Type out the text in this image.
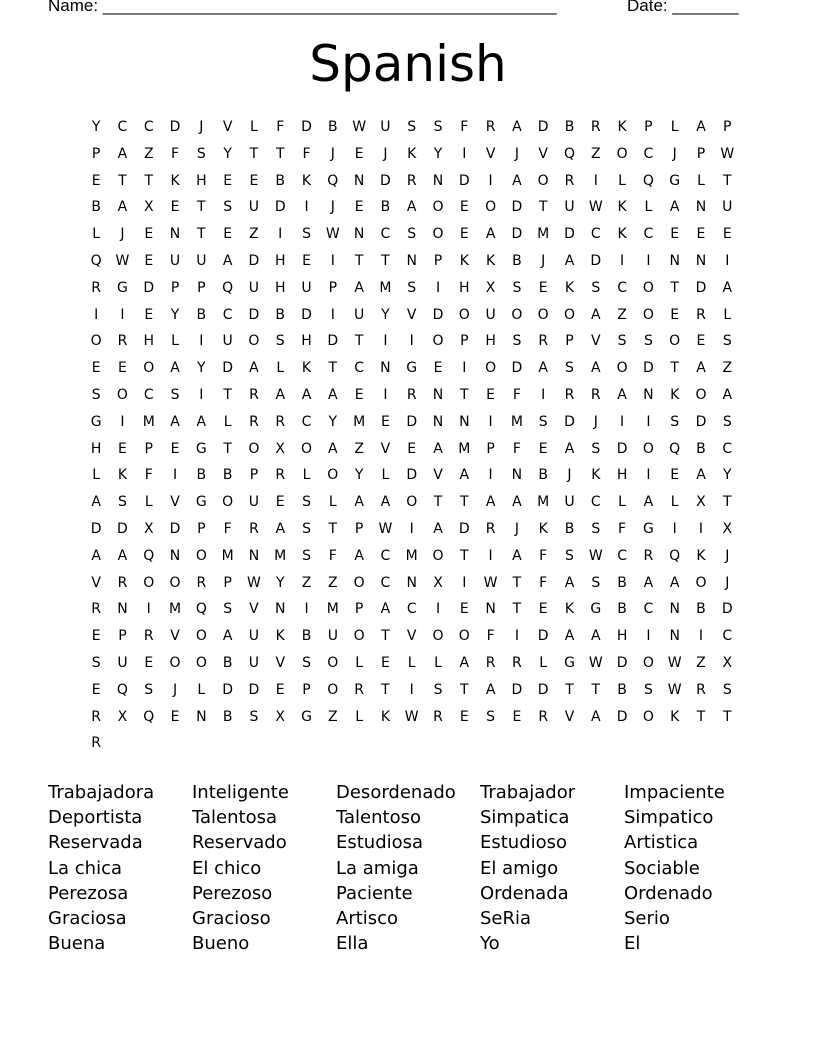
Name: ________________________________________________	Date: _______
Spanish
Y	C	C	D	J	V	L	F	D	B	W	U	S	S	F	R	A	D	B	R	K	P	L	A	P
P	A	Z	F	S	Y	T	T	F	J	E	J	K	Y	I	V	J	V	Q	Z	O	C	J	P	W
E	T	T	K	H	E	E	B	K	Q	N	D	R	N	D	I	A	O	R	I	L	Q	G	L	T
B	A	X	E	T	S	U	D	I	J	E	B	A	O	E	O	D	T	U	W	K	L	A	N	U
L	J	E	N	T	E	Z	I	S	W	N	C	S	O	E	A	D	M	D	C	K	C	E	E	E
Q W	E	U	U	A	D	H	E	I	T	T	N	P	K	K	B	J	A	D	I	I	N	N	I
R	G	D	P	P	Q	U	H	U	P	A	M	S	I	H	X	S	E	K	S	C	O	T	D	A
I	I	E	Y	B	C	D	B	D	I	U	Y	V	D	O	U	O	O	O	A	Z	O	E	R	L
O	R	H	L	I	U	O	S	H	D	T	I	I	O	P	H	S	R	P	V	S	S	O	E	S
E	E	O	A	Y	D	A	L	K	T	C	N	G	E	I	O	D	A	S	A	O	D	T	A	Z
S	O	C	S	I	T	R	A	A	A	E	I	R	N	T	E	F	I	R	R	A	N	K	O	A
G	I	M	A	A	L	R	R	C	Y	M	E	D	N	N	I	M	S	D	J	I	I	S	D	S
H	E	P	E	G	T	O	X	O	A	Z	V	E	A	M	P	F	E	A	S	D	O	Q	B	C
L	K	F	I	B	B	P	R	L	O	Y	L	D	V	A	I	N	B	J	K	H	I	E	A	Y
A	S	L	V	G	O	U	E	S	L	A	A	O	T	T	A	A	M	U	C	L	A	L	X	T
D	D	X	D	P	F	R	A	S	T	P	W	I	A	D	R	J	K	B	S	F	G	I	I	X
A	A	Q	N	O	M	N	M	S	F	A	C	M	O	T	I	A	F	S	W	C	R	Q	K	J
V	R	O	O	R	P	W	Y	Z	Z	O	C	N	X	I	W	T	F	A	S	B	A	A	O	J
R	N	I	M	Q	S	V	N	I	M	P	A	C	I	E	N	T	E	K	G	B	C	N	B	D
E	P	R	V	O	A	U	K	B	U	O	T	V	O	O	F	I	D	A	A	H	I	N	I	C
S	U	E	O	O	B	U	V	S	O	L	E	L	L	A	R	R	L	G W D	O W	Z	X
E	Q	S	J	L	D	D	E	P	O	R	T	I	S	T	A	D	D	T	T	B	S	W	R	S
R	X	Q	E	N	B	S	X	G	Z	L	K	W	R	E	S	E	R	V	A	D	O	K	T	T
R
Trabajadora	Inteligente	Desordenado	Trabajador	Impaciente
Deportista	Talentosa	Talentoso	Simpatica	Simpatico
Reservada	Reservado	Estudiosa	Estudioso	Artistica
La chica	El chico	La amiga	El amigo	Sociable
Perezosa	Perezoso	Paciente	Ordenada	Ordenado
Graciosa	Gracioso	Artisco	SeRia	Serio
Buena	Bueno	Ella	Yo	El
